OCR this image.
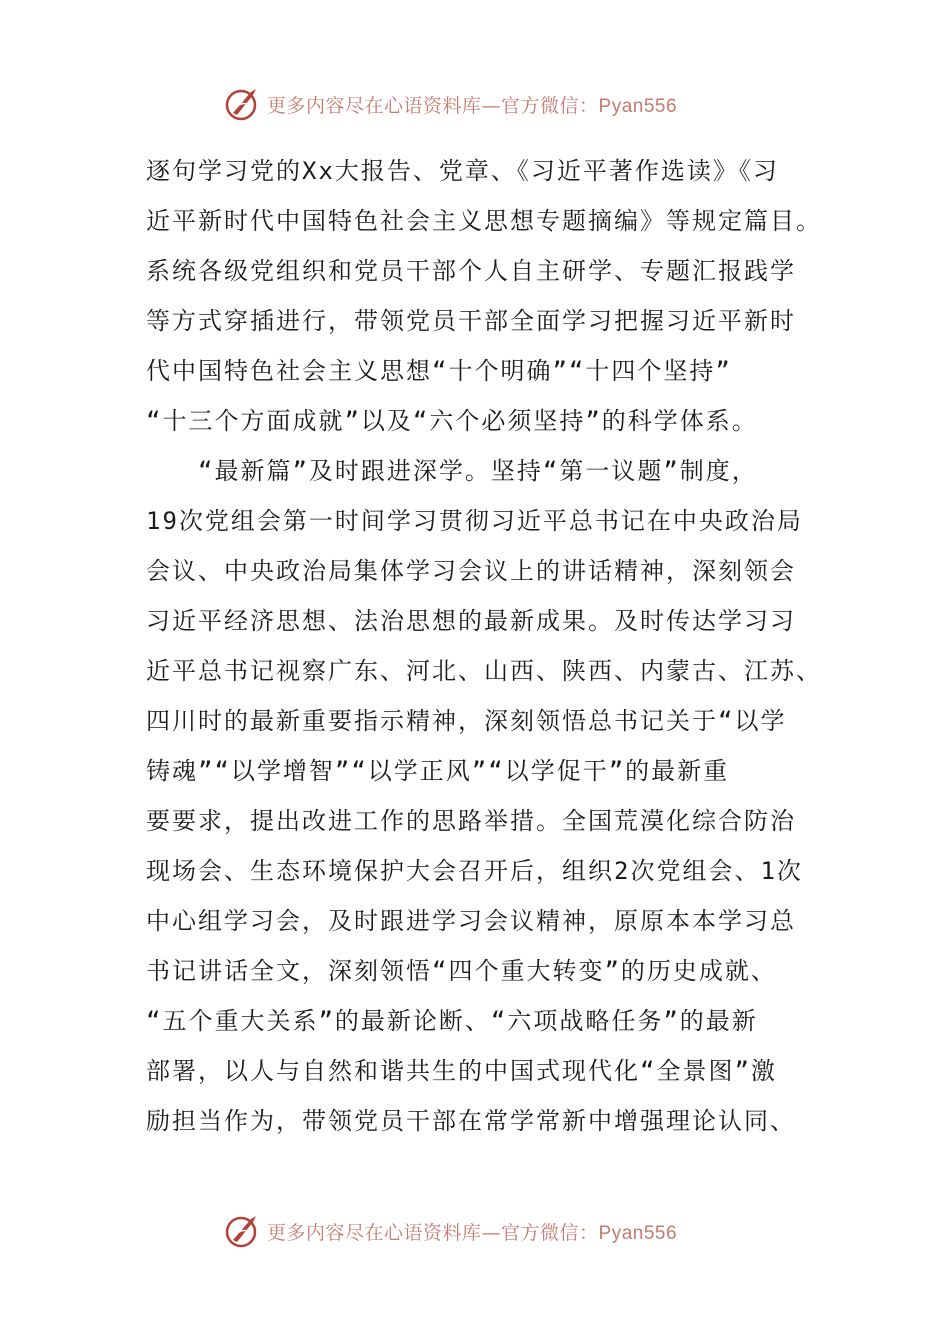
更多内容尽在心语资料库—官方微信：Pyan556
逐句学习党的Xx大报告、党章、《习近平著作选读》《习
近平新时代中国特色社会主义思想专题摘编》等规定篇目。
系统各级党组织和党员干部个人自主研学、专题汇报践学
等方式穿插进行，带领党员干部全面学习把握习近平新时
代中国特色社会主义思想“十个明确”“十四个坚持”
“十三个方面成就”以及“六个必须坚持”的科学体系。
　　“最新篇”及时跟进深学。坚持“第一议题”制度，
19次党组会第一时间学习贯彻习近平总书记在中央政治局
会议、中央政治局集体学习会议上的讲话精神，深刻领会
习近平经济思想、法治思想的最新成果。及时传达学习习
近平总书记视察广东、河北、山西、陕西、内蒙古、江苏、
四川时的最新重要指示精神，深刻领悟总书记关于“以学
铸魂”“以学增智”“以学正风”“以学促干”的最新重
要要求，提出改进工作的思路举措。全国荒漠化综合防治
现场会、生态环境保护大会召开后，组织2次党组会、1次
中心组学习会，及时跟进学习会议精神，原原本本学习总
书记讲话全文，深刻领悟“四个重大转变”的历史成就、
“五个重大关系”的最新论断、“六项战略任务”的最新
部署，以人与自然和谐共生的中国式现代化“全景图”激
励担当作为，带领党员干部在常学常新中增强理论认同、
更多内容尽在心语资料库—官方微信：Pyan556
